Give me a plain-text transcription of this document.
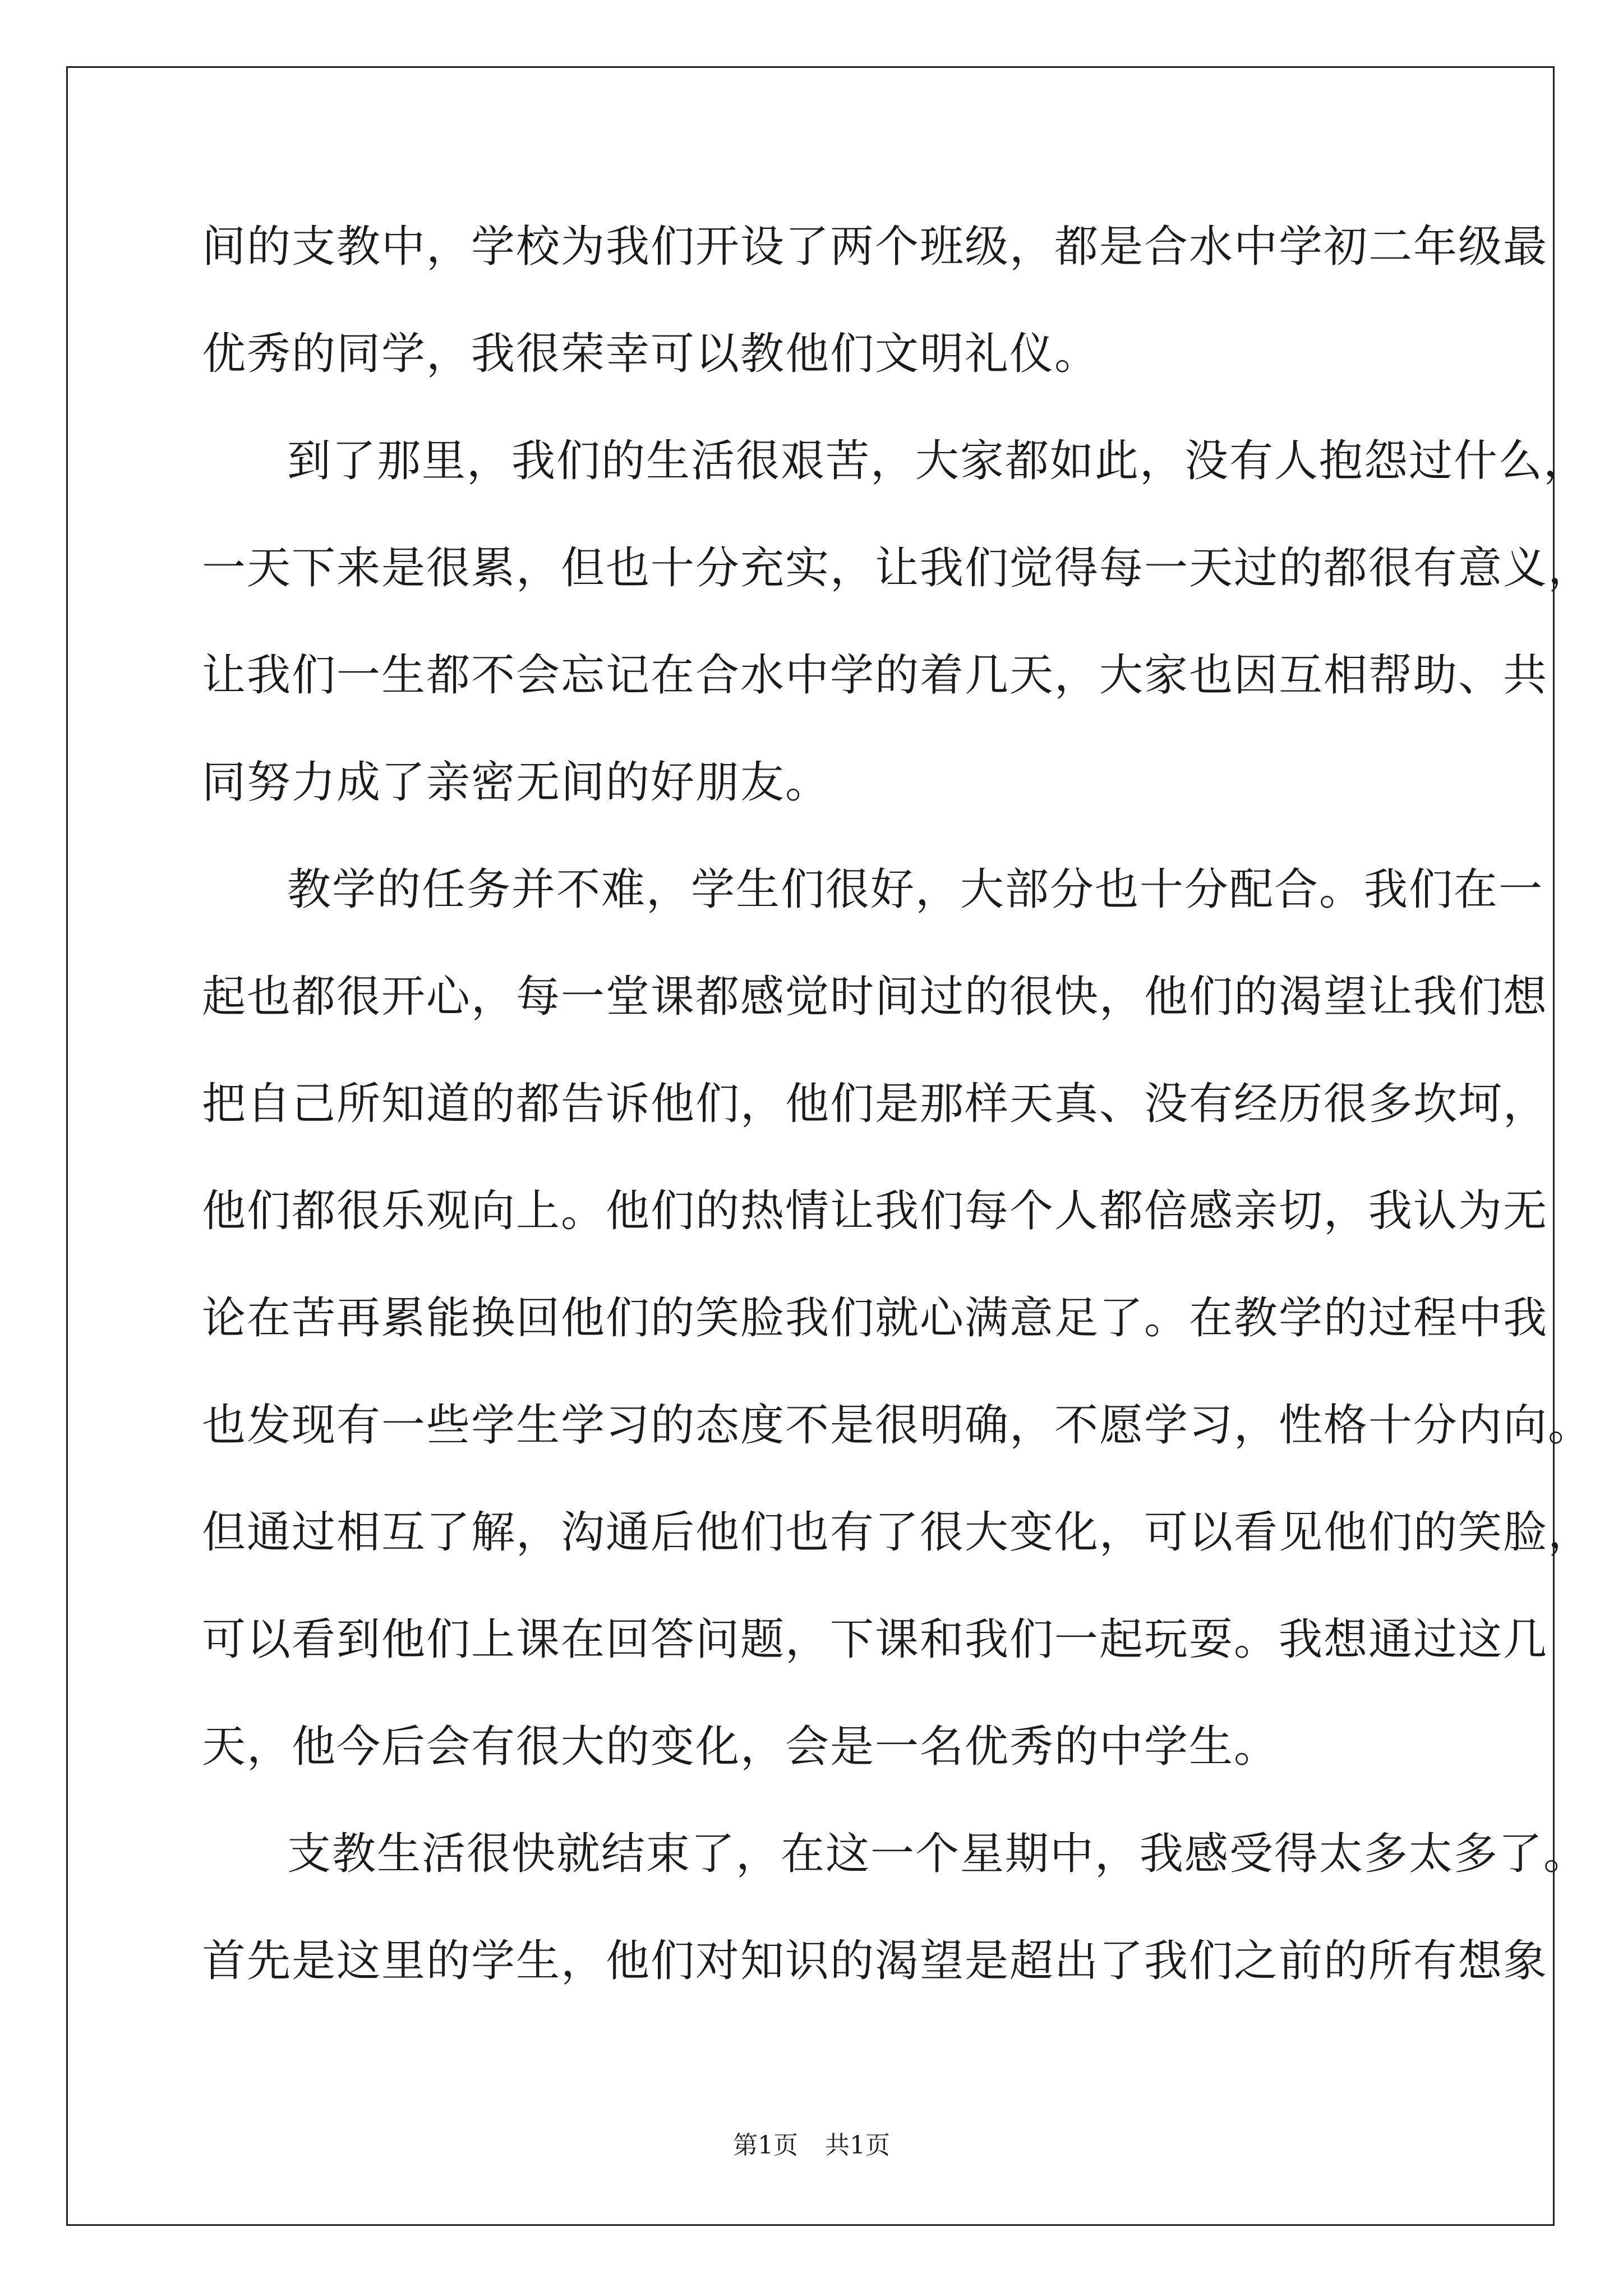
间的支教中，学校为我们开设了两个班级，都是合水中学初二年级最
优秀的同学，我很荣幸可以教他们文明礼仪。
到了那里，我们的生活很艰苦，大家都如此，没有人抱怨过什么，
一天下来是很累，但也十分充实，让我们觉得每一天过的都很有意义，
让我们一生都不会忘记在合水中学的着几天，大家也因互相帮助、共
同努力成了亲密无间的好朋友。
教学的任务并不难，学生们很好，大部分也十分配合。我们在一
起也都很开心，每一堂课都感觉时间过的很快，他们的渴望让我们想
把自己所知道的都告诉他们，他们是那样天真、没有经历很多坎坷，
他们都很乐观向上。他们的热情让我们每个人都倍感亲切，我认为无
论在苦再累能换回他们的笑脸我们就心满意足了。在教学的过程中我
也发现有一些学生学习的态度不是很明确，不愿学习，性格十分内向。
但通过相互了解，沟通后他们也有了很大变化，可以看见他们的笑脸，
可以看到他们上课在回答问题，下课和我们一起玩耍。我想通过这几
天，他今后会有很大的变化，会是一名优秀的中学生。
支教生活很快就结束了，在这一个星期中，我感受得太多太多了。
首先是这里的学生，他们对知识的渴望是超出了我们之前的所有想象
第1页 共1页
